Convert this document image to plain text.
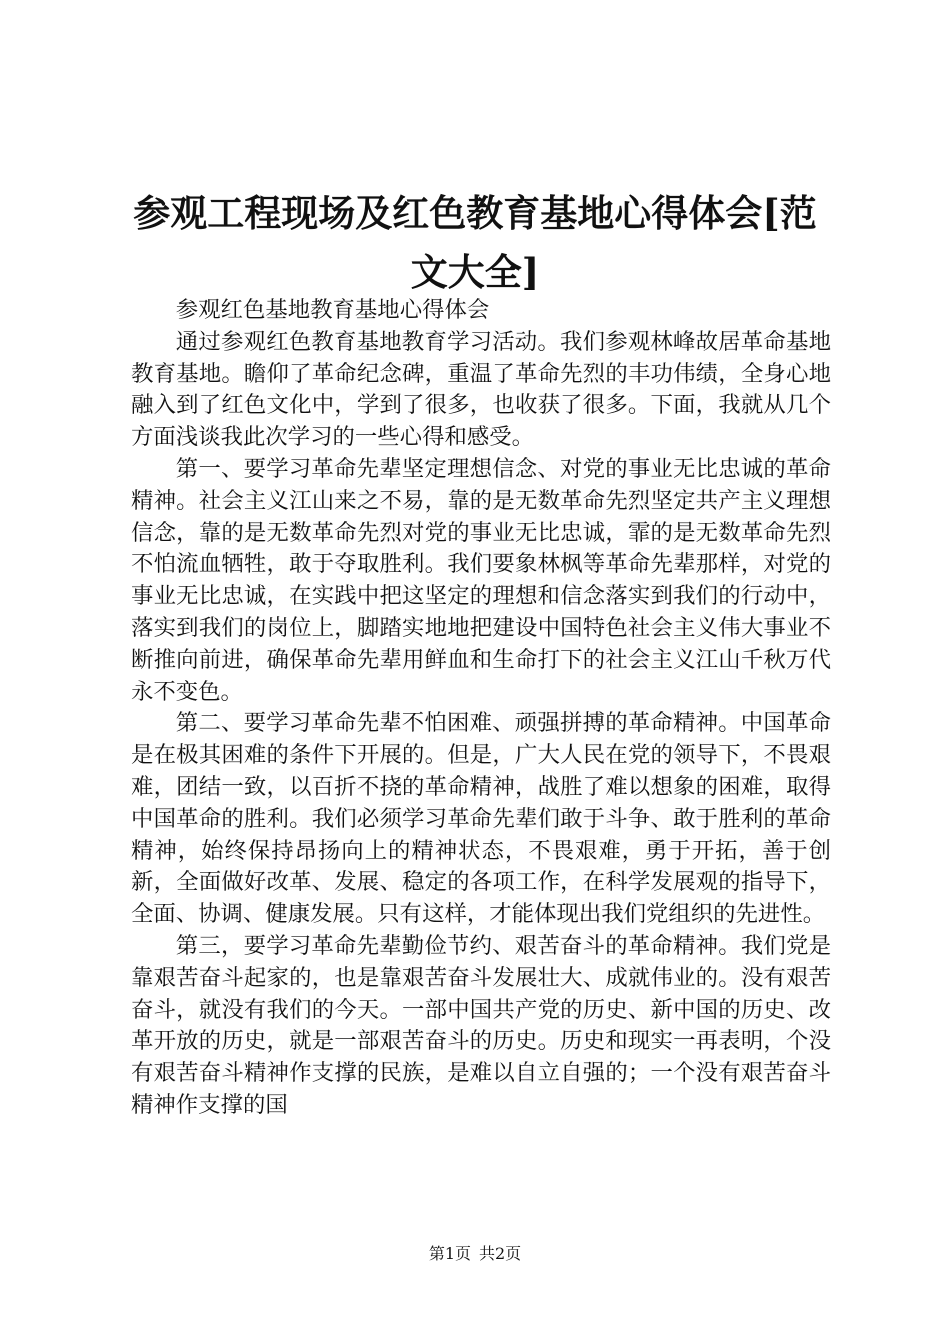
参观工程现场及红色教育基地心得体会[范文大全]

参观红色基地教育基地心得体会

通过参观红色教育基地教育学习活动。我们参观林峰故居革命基地教育基地。瞻仰了革命纪念碑，重温了革命先烈的丰功伟绩，全身心地融入到了红色文化中，学到了很多，也收获了很多。下面，我就从几个方面浅谈我此次学习的一些心得和感受。

第一、要学习革命先辈坚定理想信念、对党的事业无比忠诚的革命精神。社会主义江山来之不易，靠的是无数革命先烈坚定共产主义理想信念，靠的是无数革命先烈对党的事业无比忠诚，霏的是无数革命先烈不怕流血牺牲，敢于夺取胜利。我们要象林枫等革命先辈那样，对党的事业无比忠诚，在实践中把这坚定的理想和信念落实到我们的行动中，落实到我们的岗位上，脚踏实地地把建设中国特色社会主义伟大事业不断推向前进，确保革命先辈用鲜血和生命打下的社会主义江山千秋万代永不变色。

第二、要学习革命先辈不怕困难、顽强拼搏的革命精神。中国革命是在极其困难的条件下开展的。但是，广大人民在党的领导下，不畏艰难，团结一致，以百折不挠的革命精神，战胜了难以想象的困难，取得中国革命的胜利。我们必须学习革命先辈们敢于斗争、敢于胜利的革命精神，始终保持昂扬向上的精神状态，不畏艰难，勇于开拓，善于创新，全面做好改革、发展、稳定的各项工作，在科学发展观的指导下，全面、协调、健康发展。只有这样，才能体现出我们党组织的先进性。

第三，要学习革命先辈勤俭节约、艰苦奋斗的革命精神。我们党是靠艰苦奋斗起家的，也是靠艰苦奋斗发展壮大、成就伟业的。没有艰苦奋斗，就没有我们的今天。一部中国共产党的历史、新中国的历史、改革开放的历史，就是一部艰苦奋斗的历史。历史和现实一再表明，个没有艰苦奋斗精神作支撑的民族，是难以自立自强的；一个没有艰苦奋斗精神作支撑的国

第1页 共2页
